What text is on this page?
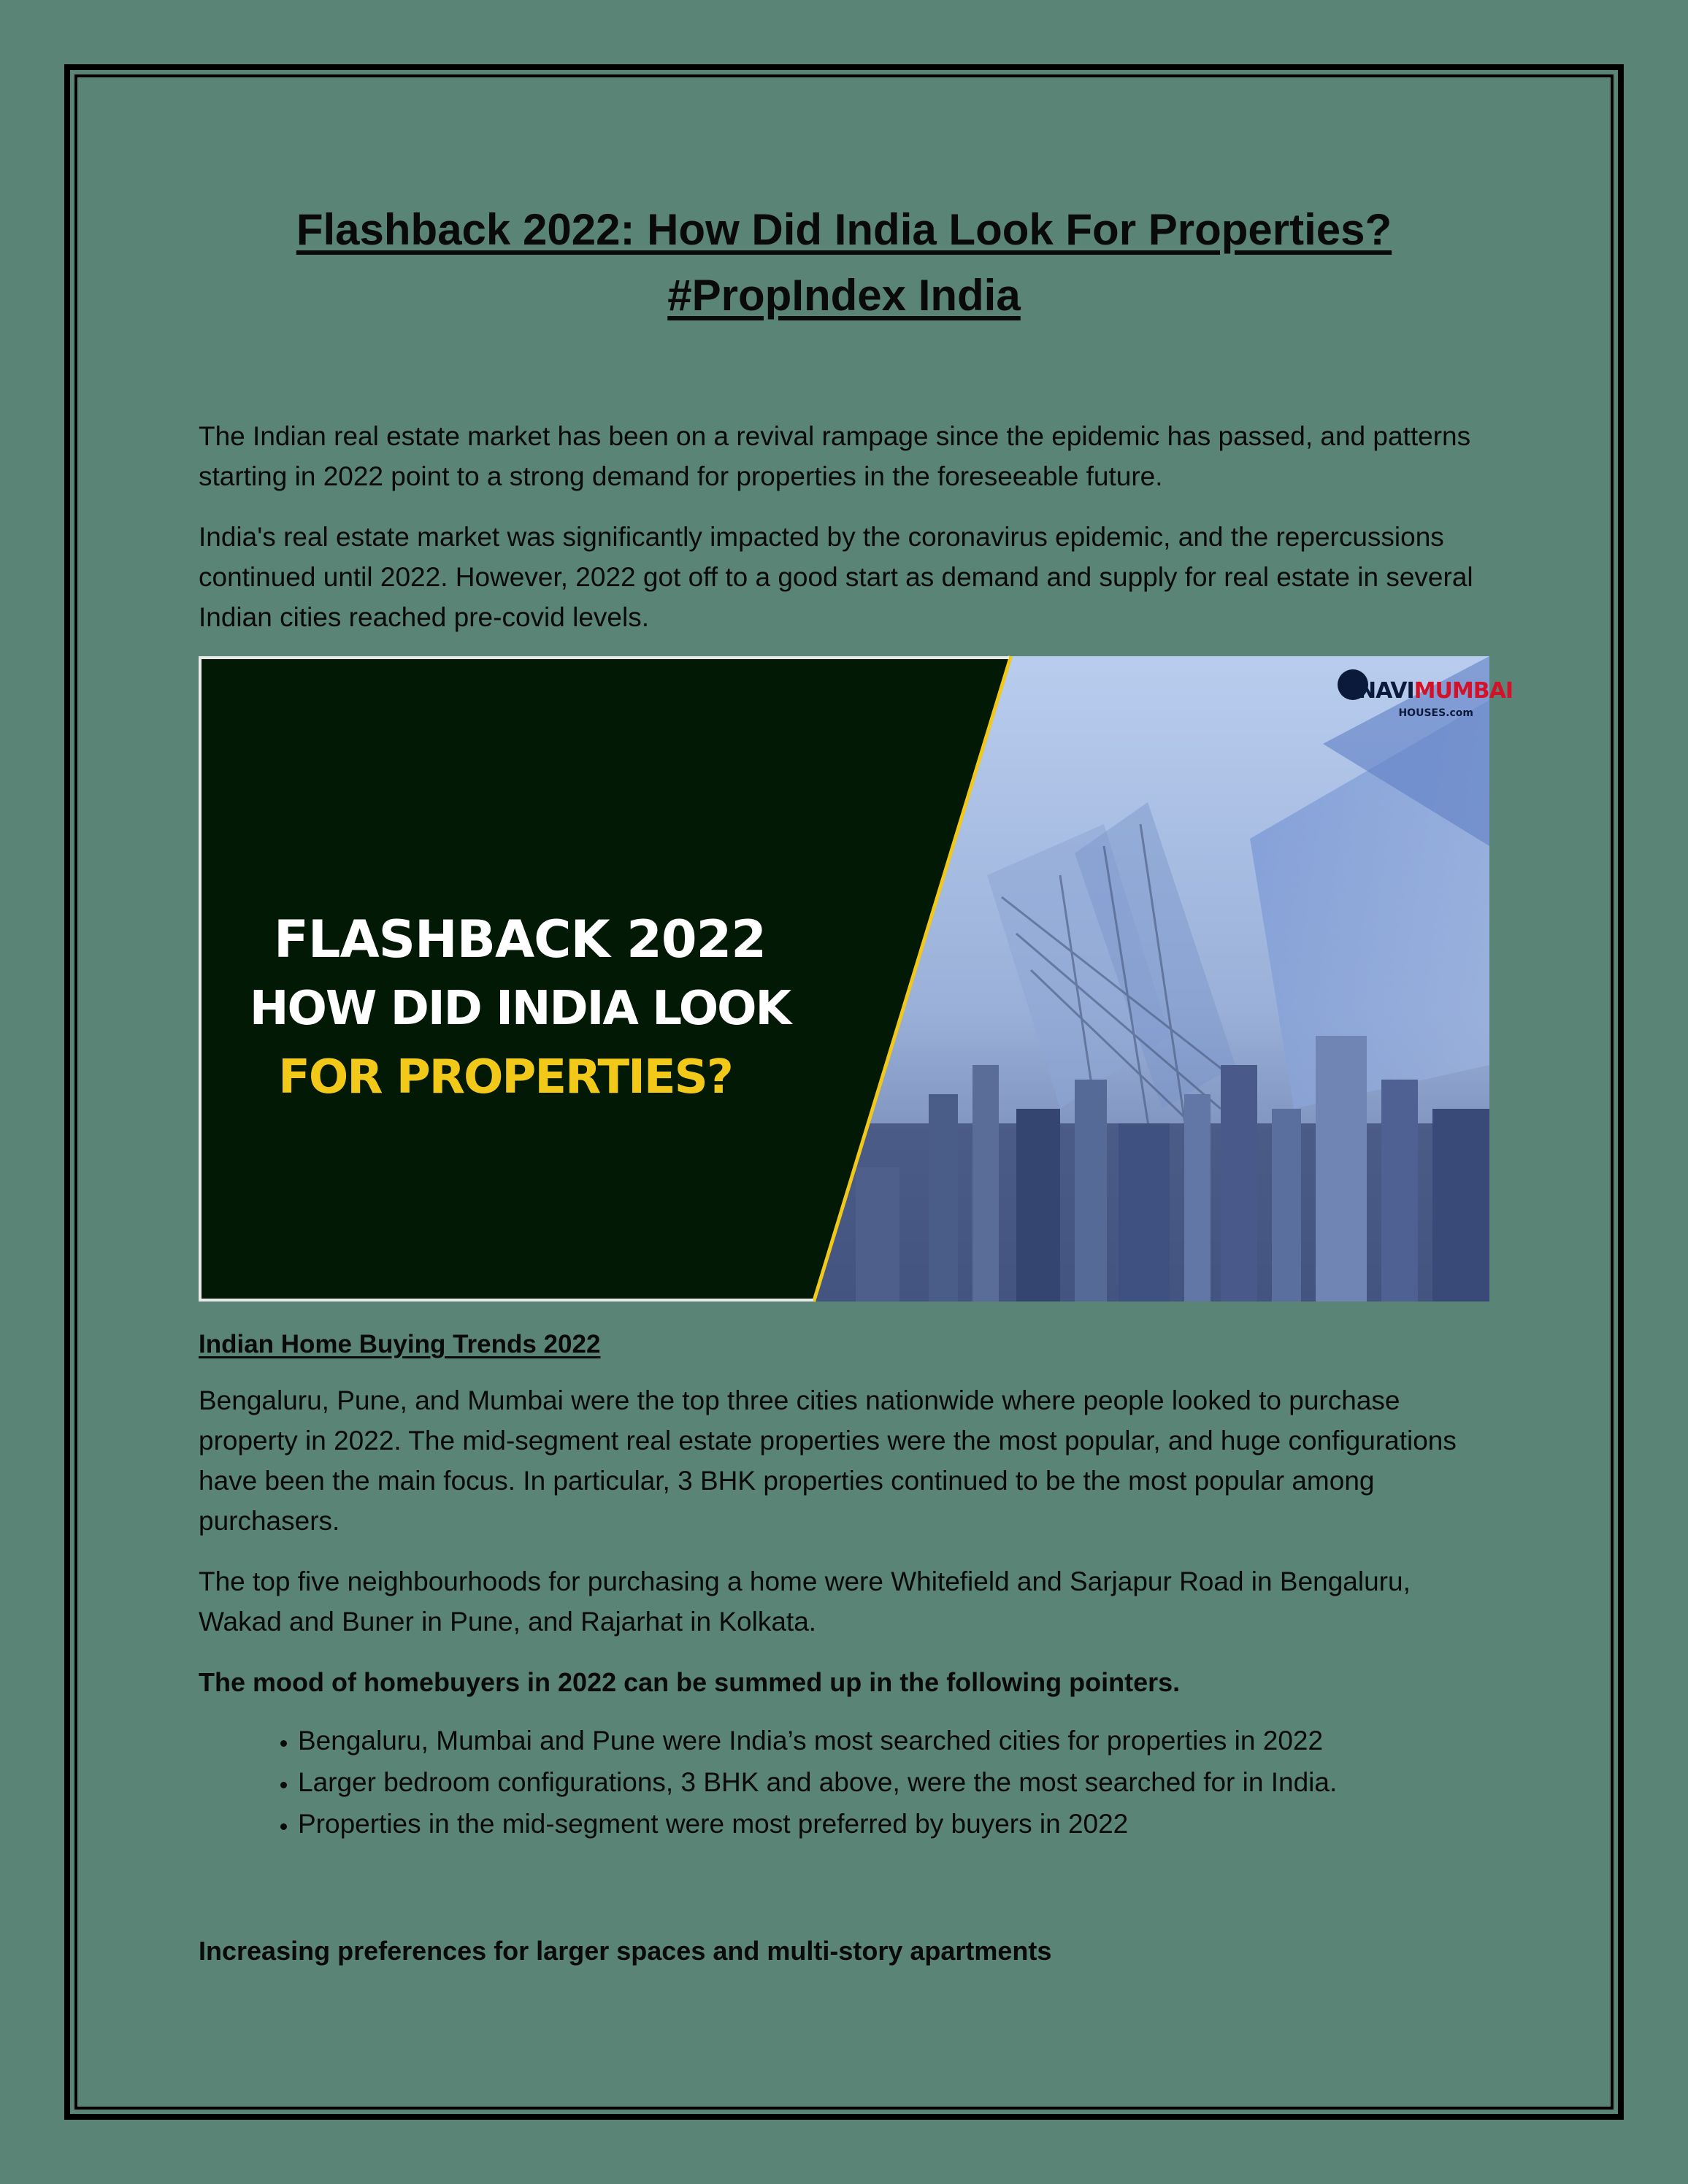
Flashback 2022: How Did India Look For Properties?
#PropIndex India

The Indian real estate market has been on a revival rampage since the epidemic has passed, and patterns starting in 2022 point to a strong demand for properties in the foreseeable future.

India's real estate market was significantly impacted by the coronavirus epidemic, and the repercussions continued until 2022. However, 2022 got off to a good start as demand and supply for real estate in several Indian cities reached pre-covid levels.

FLASHBACK 2022
HOW DID INDIA LOOK
FOR PROPERTIES?
NAVIMUMBAI
HOUSES.com
Indian Home Buying Trends 2022

Bengaluru, Pune, and Mumbai were the top three cities nationwide where people looked to purchase property in 2022. The mid-segment real estate properties were the most popular, and huge configurations have been the main focus. In particular, 3 BHK properties continued to be the most popular among purchasers.

The top five neighbourhoods for purchasing a home were Whitefield and Sarjapur Road in Bengaluru, Wakad and Buner in Pune, and Rajarhat in Kolkata.

The mood of homebuyers in 2022 can be summed up in the following pointers.

• Bengaluru, Mumbai and Pune were India’s most searched cities for properties in 2022
• Larger bedroom configurations, 3 BHK and above, were the most searched for in India.
• Properties in the mid-segment were most preferred by buyers in 2022

Increasing preferences for larger spaces and multi-story apartments
